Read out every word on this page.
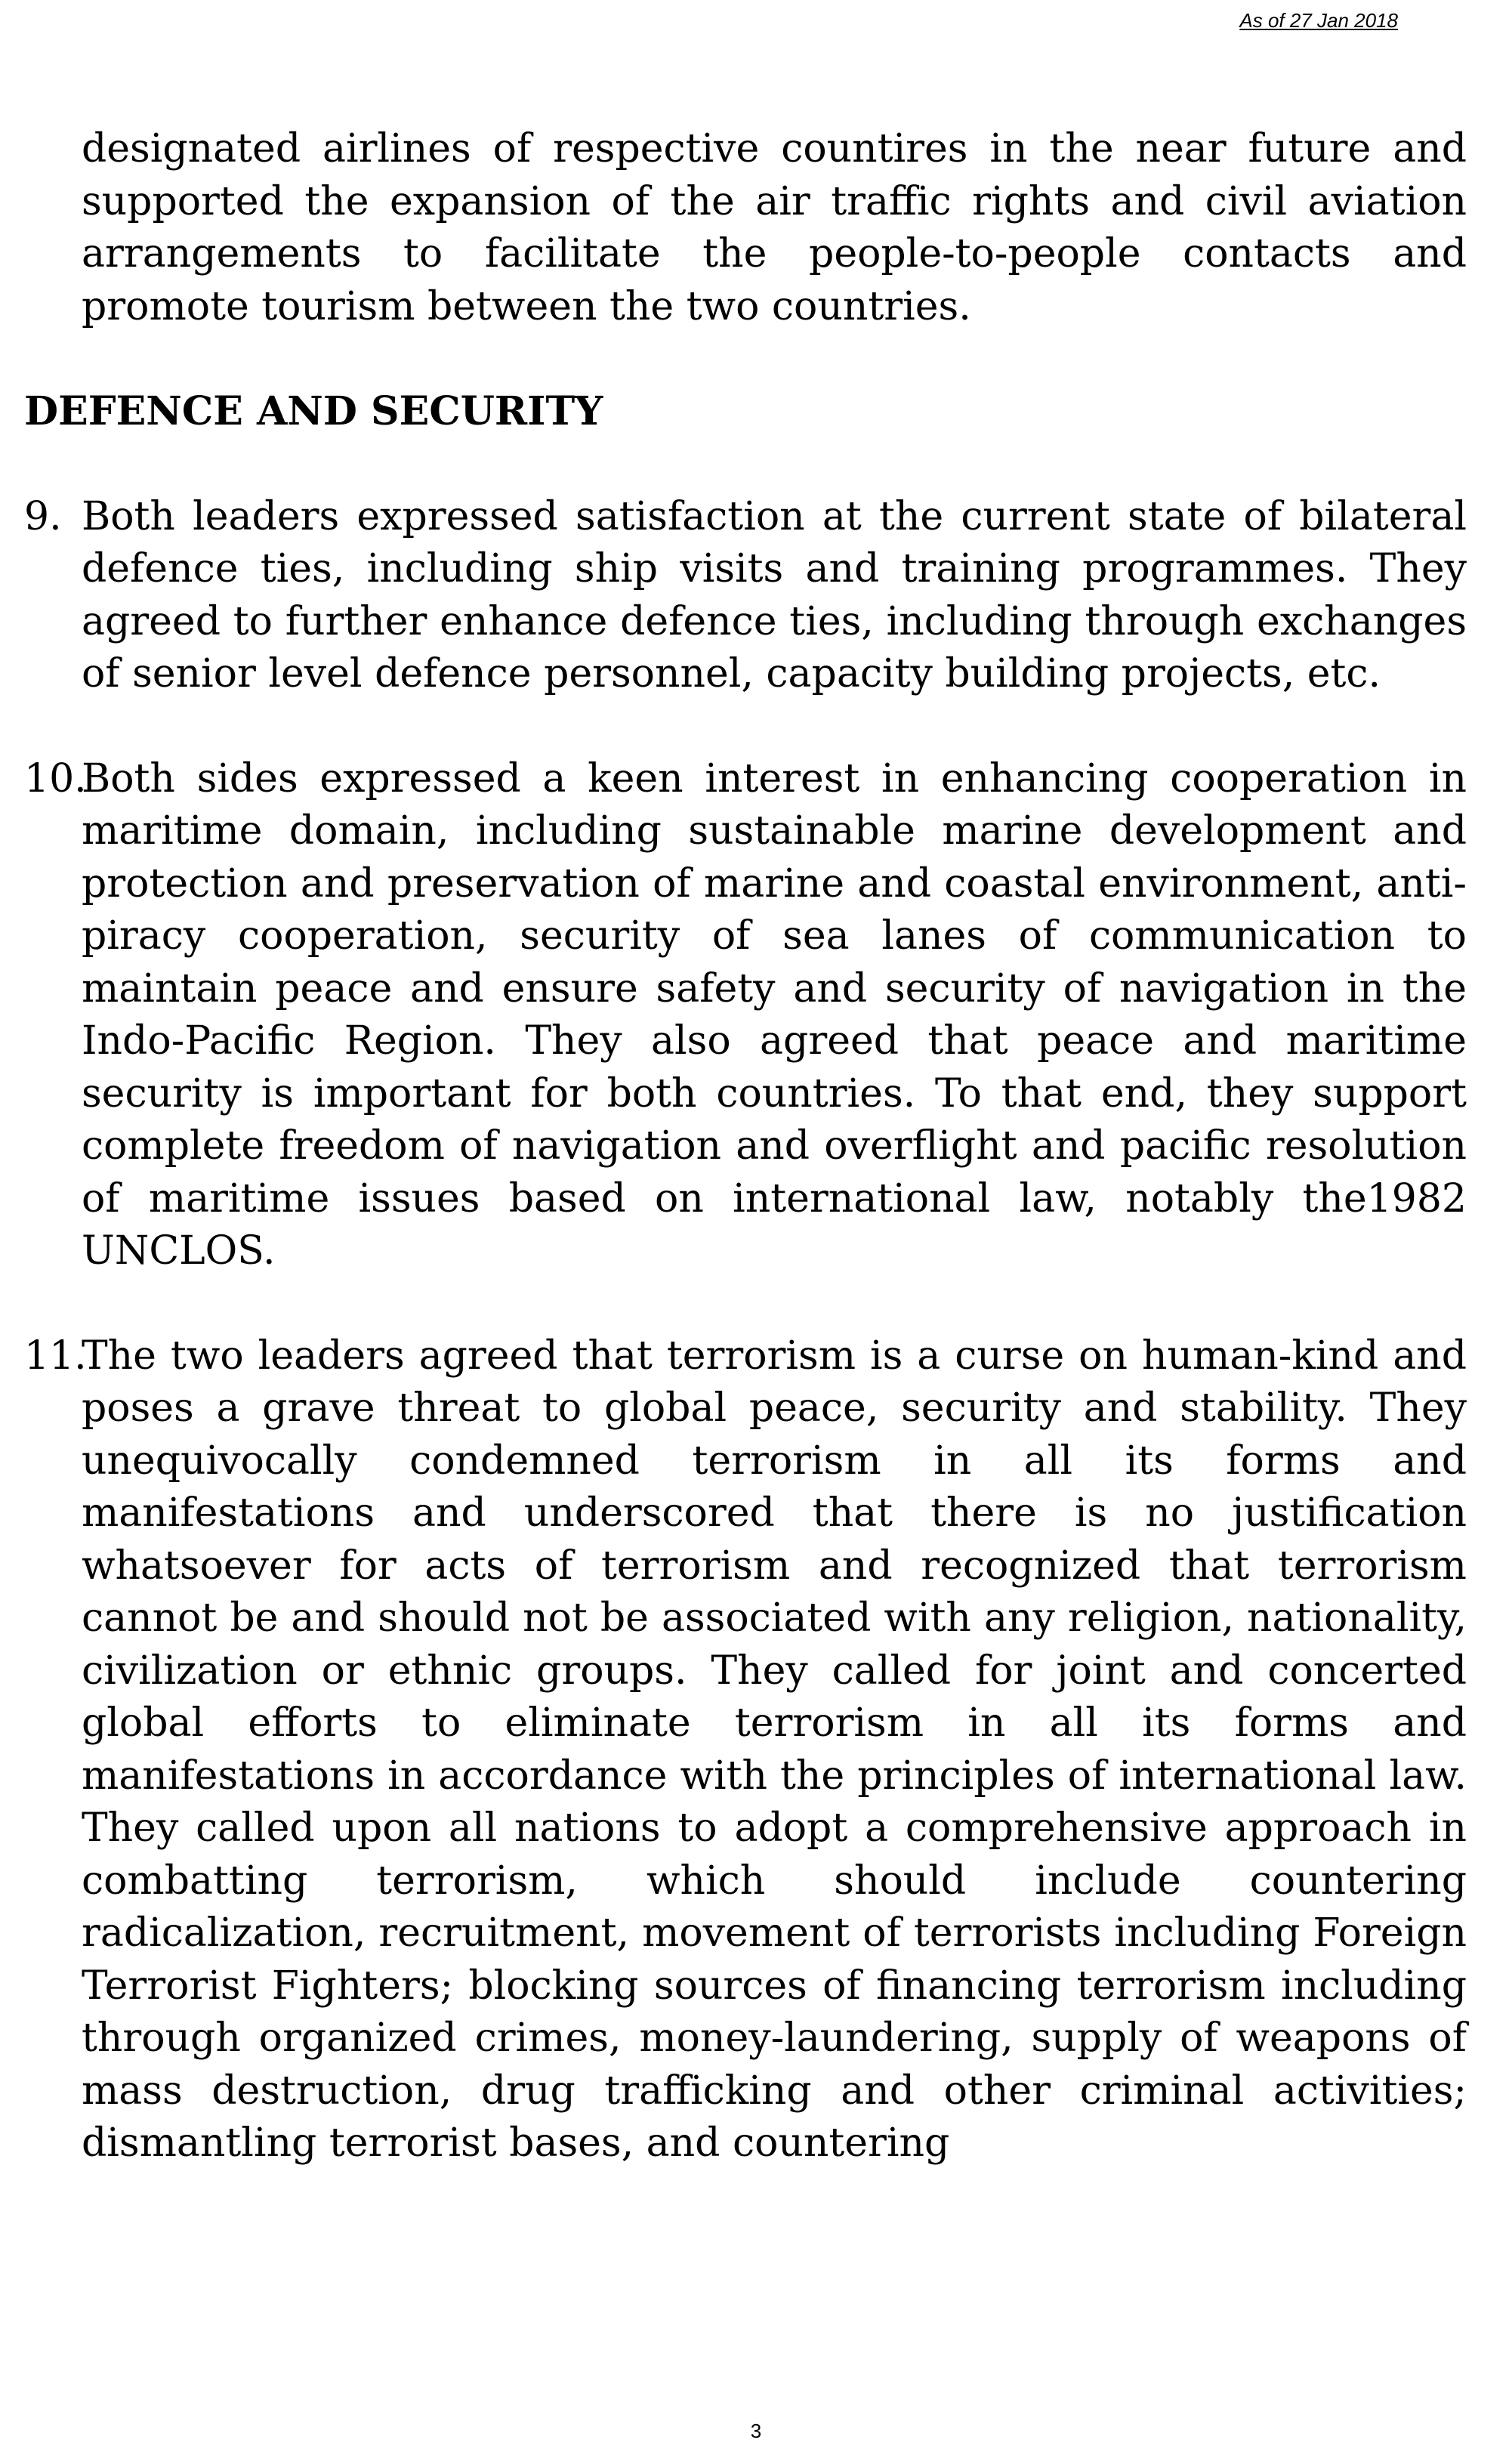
As of 27 Jan 2018
designated airlines of respective countires in the near future and supported the expansion of the air traffic rights and civil aviation arrangements to facilitate the people-to-people contacts and promote tourism between the two countries.
DEFENCE AND SECURITY
9. Both leaders expressed satisfaction at the current state of bilateral defence ties, including ship visits and training programmes. They agreed to further enhance defence ties, including through exchanges of senior level defence personnel, capacity building projects, etc.
10.
Both sides expressed a keen interest in enhancing cooperation in maritime domain, including sustainable marine development and protection and preservation of marine and coastal environment, anti-piracy cooperation, security of sea lanes of communication to maintain peace and ensure safety and security of navigation in the Indo-Pacific Region. They also agreed that peace and maritime security is important for both countries. To that end, they support complete freedom of navigation and overflight and pacific resolution of maritime issues based on international law, notably the1982 UNCLOS.
11.
The two leaders agreed that terrorism is a curse on human-kind and poses a grave threat to global peace, security and stability. They unequivocally condemned terrorism in all its forms and manifestations and underscored that there is no justification whatsoever for acts of terrorism and recognized that terrorism cannot be and should not be associated with any religion, nationality, civilization or ethnic groups. They called for joint and concerted global efforts to eliminate terrorism in all its forms and manifestations in accordance with the principles of international law. They called upon all nations to adopt a comprehensive approach in combatting terrorism, which should include countering radicalization, recruitment, movement of terrorists including Foreign Terrorist Fighters; blocking sources of financing terrorism including through organized crimes, money-laundering, supply of weapons of mass destruction, drug trafficking and other criminal activities; dismantling terrorist bases, and countering
3
